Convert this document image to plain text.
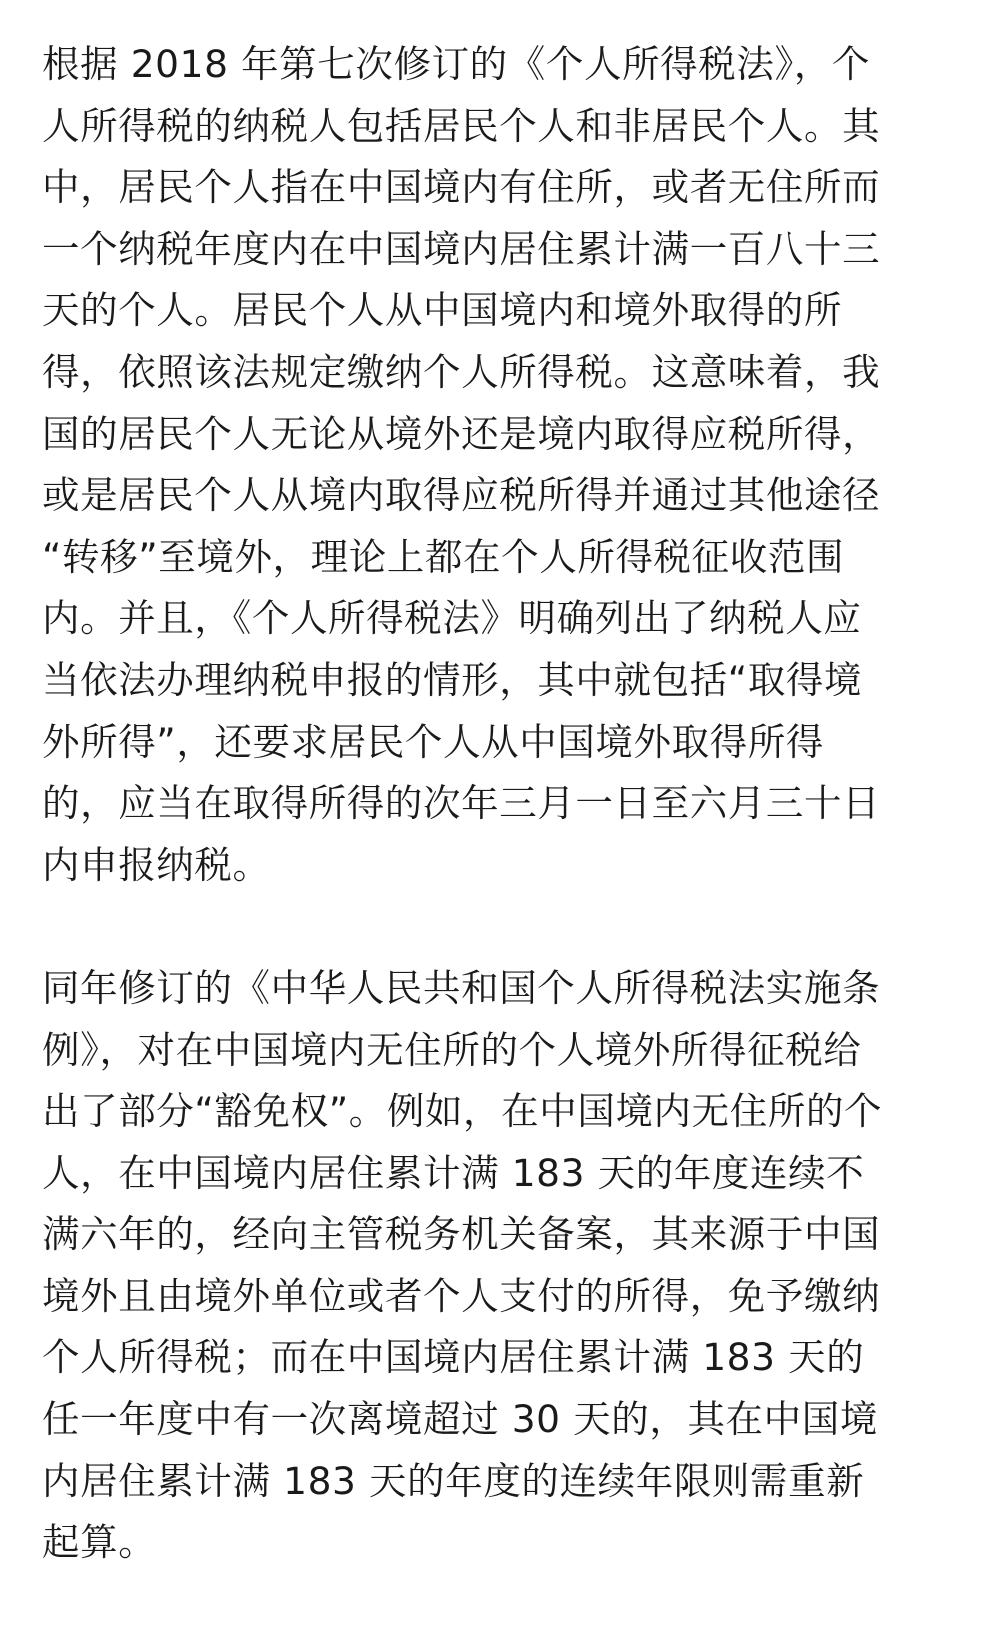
根据 2018 年第七次修订的《个人所得税法》，个
人所得税的纳税人包括居民个人和非居民个人。其
中，居民个人指在中国境内有住所，或者无住所而
一个纳税年度内在中国境内居住累计满一百八十三
天的个人。居民个人从中国境内和境外取得的所
得，依照该法规定缴纳个人所得税。这意味着，我
国的居民个人无论从境外还是境内取得应税所得，
或是居民个人从境内取得应税所得并通过其他途径
“转移”至境外，理论上都在个人所得税征收范围
内。并且，《个人所得税法》明确列出了纳税人应
当依法办理纳税申报的情形，其中就包括“取得境
外所得”，还要求居民个人从中国境外取得所得
的，应当在取得所得的次年三月一日至六月三十日
内申报纳税。
同年修订的《中华人民共和国个人所得税法实施条
例》，对在中国境内无住所的个人境外所得征税给
出了部分“豁免权”。例如，在中国境内无住所的个
人，在中国境内居住累计满 183 天的年度连续不
满六年的，经向主管税务机关备案，其来源于中国
境外且由境外单位或者个人支付的所得，免予缴纳
个人所得税；而在中国境内居住累计满 183 天的
任一年度中有一次离境超过 30 天的，其在中国境
内居住累计满 183 天的年度的连续年限则需重新
起算。
